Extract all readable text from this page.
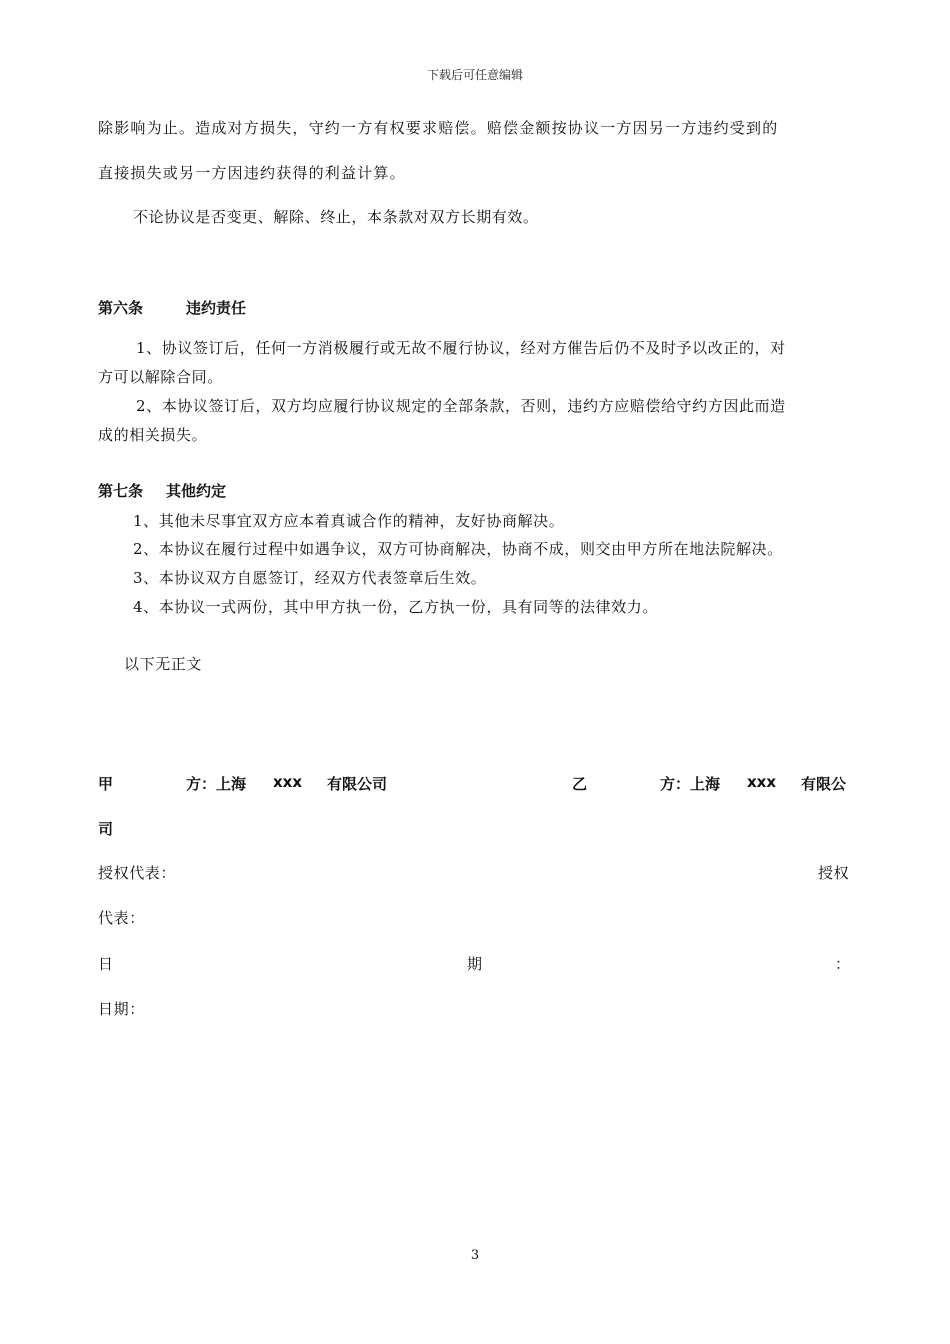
下载后可任意编辑
除影响为止。造成对方损失，守约一方有权要求赔偿。赔偿金额按协议一方因另一方违约受到的
直接损失或另一方因违约获得的利益计算。
不论协议是否变更、解除、终止，本条款对双方长期有效。
第六条	违约责任
1、协议签订后，任何一方消极履行或无故不履行协议，经对方催告后仍不及时予以改正的，对
方可以解除合同。
2、本协议签订后，双方均应履行协议规定的全部条款，否则，违约方应赔偿给守约方因此而造
成的相关损失。
第七条 其他约定
1、其他未尽事宜双方应本着真诚合作的精神，友好协商解决。
2、本协议在履行过程中如遇争议，双方可协商解决，协商不成，则交由甲方所在地法院解决。
3、本协议双方自愿签订，经双方代表签章后生效。
4、本协议一式两份，其中甲方执一份，乙方执一份，具有同等的法律效力。
以下无正文
甲	方：上海 xxx 有限公司	乙	方：上海 xxx 有限公
司
授权代表：	授权
代表：
日	期	：
日期：
3
